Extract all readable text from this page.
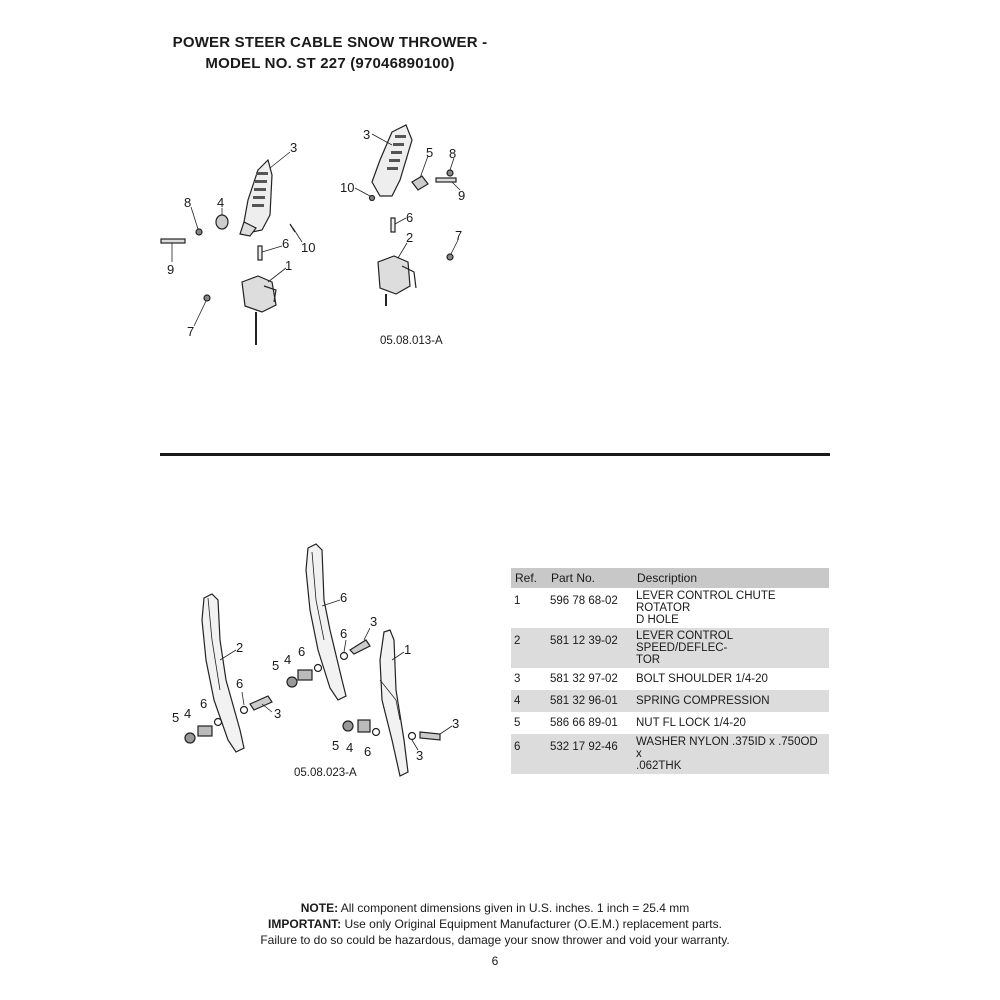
POWER STEER CABLE SNOW THROWER -
MODEL NO. ST 227 (97046890100)
3
4
8
9
6 10
1
7
3
5 8
9
10
6
2	7
05.08.013-A
2	1
6
3
5 4
6
6
3
5 4
6
6
3
5 4 6	3
05.08.023-A
Ref.	Part No.	Description
1	596 78 68-02	LEVER CONTROL CHUTE ROTATOR
D HOLE

2	581 12 39-02	LEVER CONTROL SPEED/DEFLEC-
TOR

3	581 32 97-02	BOLT SHOULDER 1/4-20
4	581 32 96-01	SPRING COMPRESSION
5	586 66 89-01	NUT FL LOCK 1/4-20
6	532 17 92-46	WASHER NYLON .375ID x .750OD x
.062THK
NOTE: All component dimensions given in U.S. inches. 1 inch = 25.4 mm
IMPORTANT: Use only Original Equipment Manufacturer (O.E.M.) replacement parts.
Failure to do so could be hazardous, damage your snow thrower and void your warranty.
6
